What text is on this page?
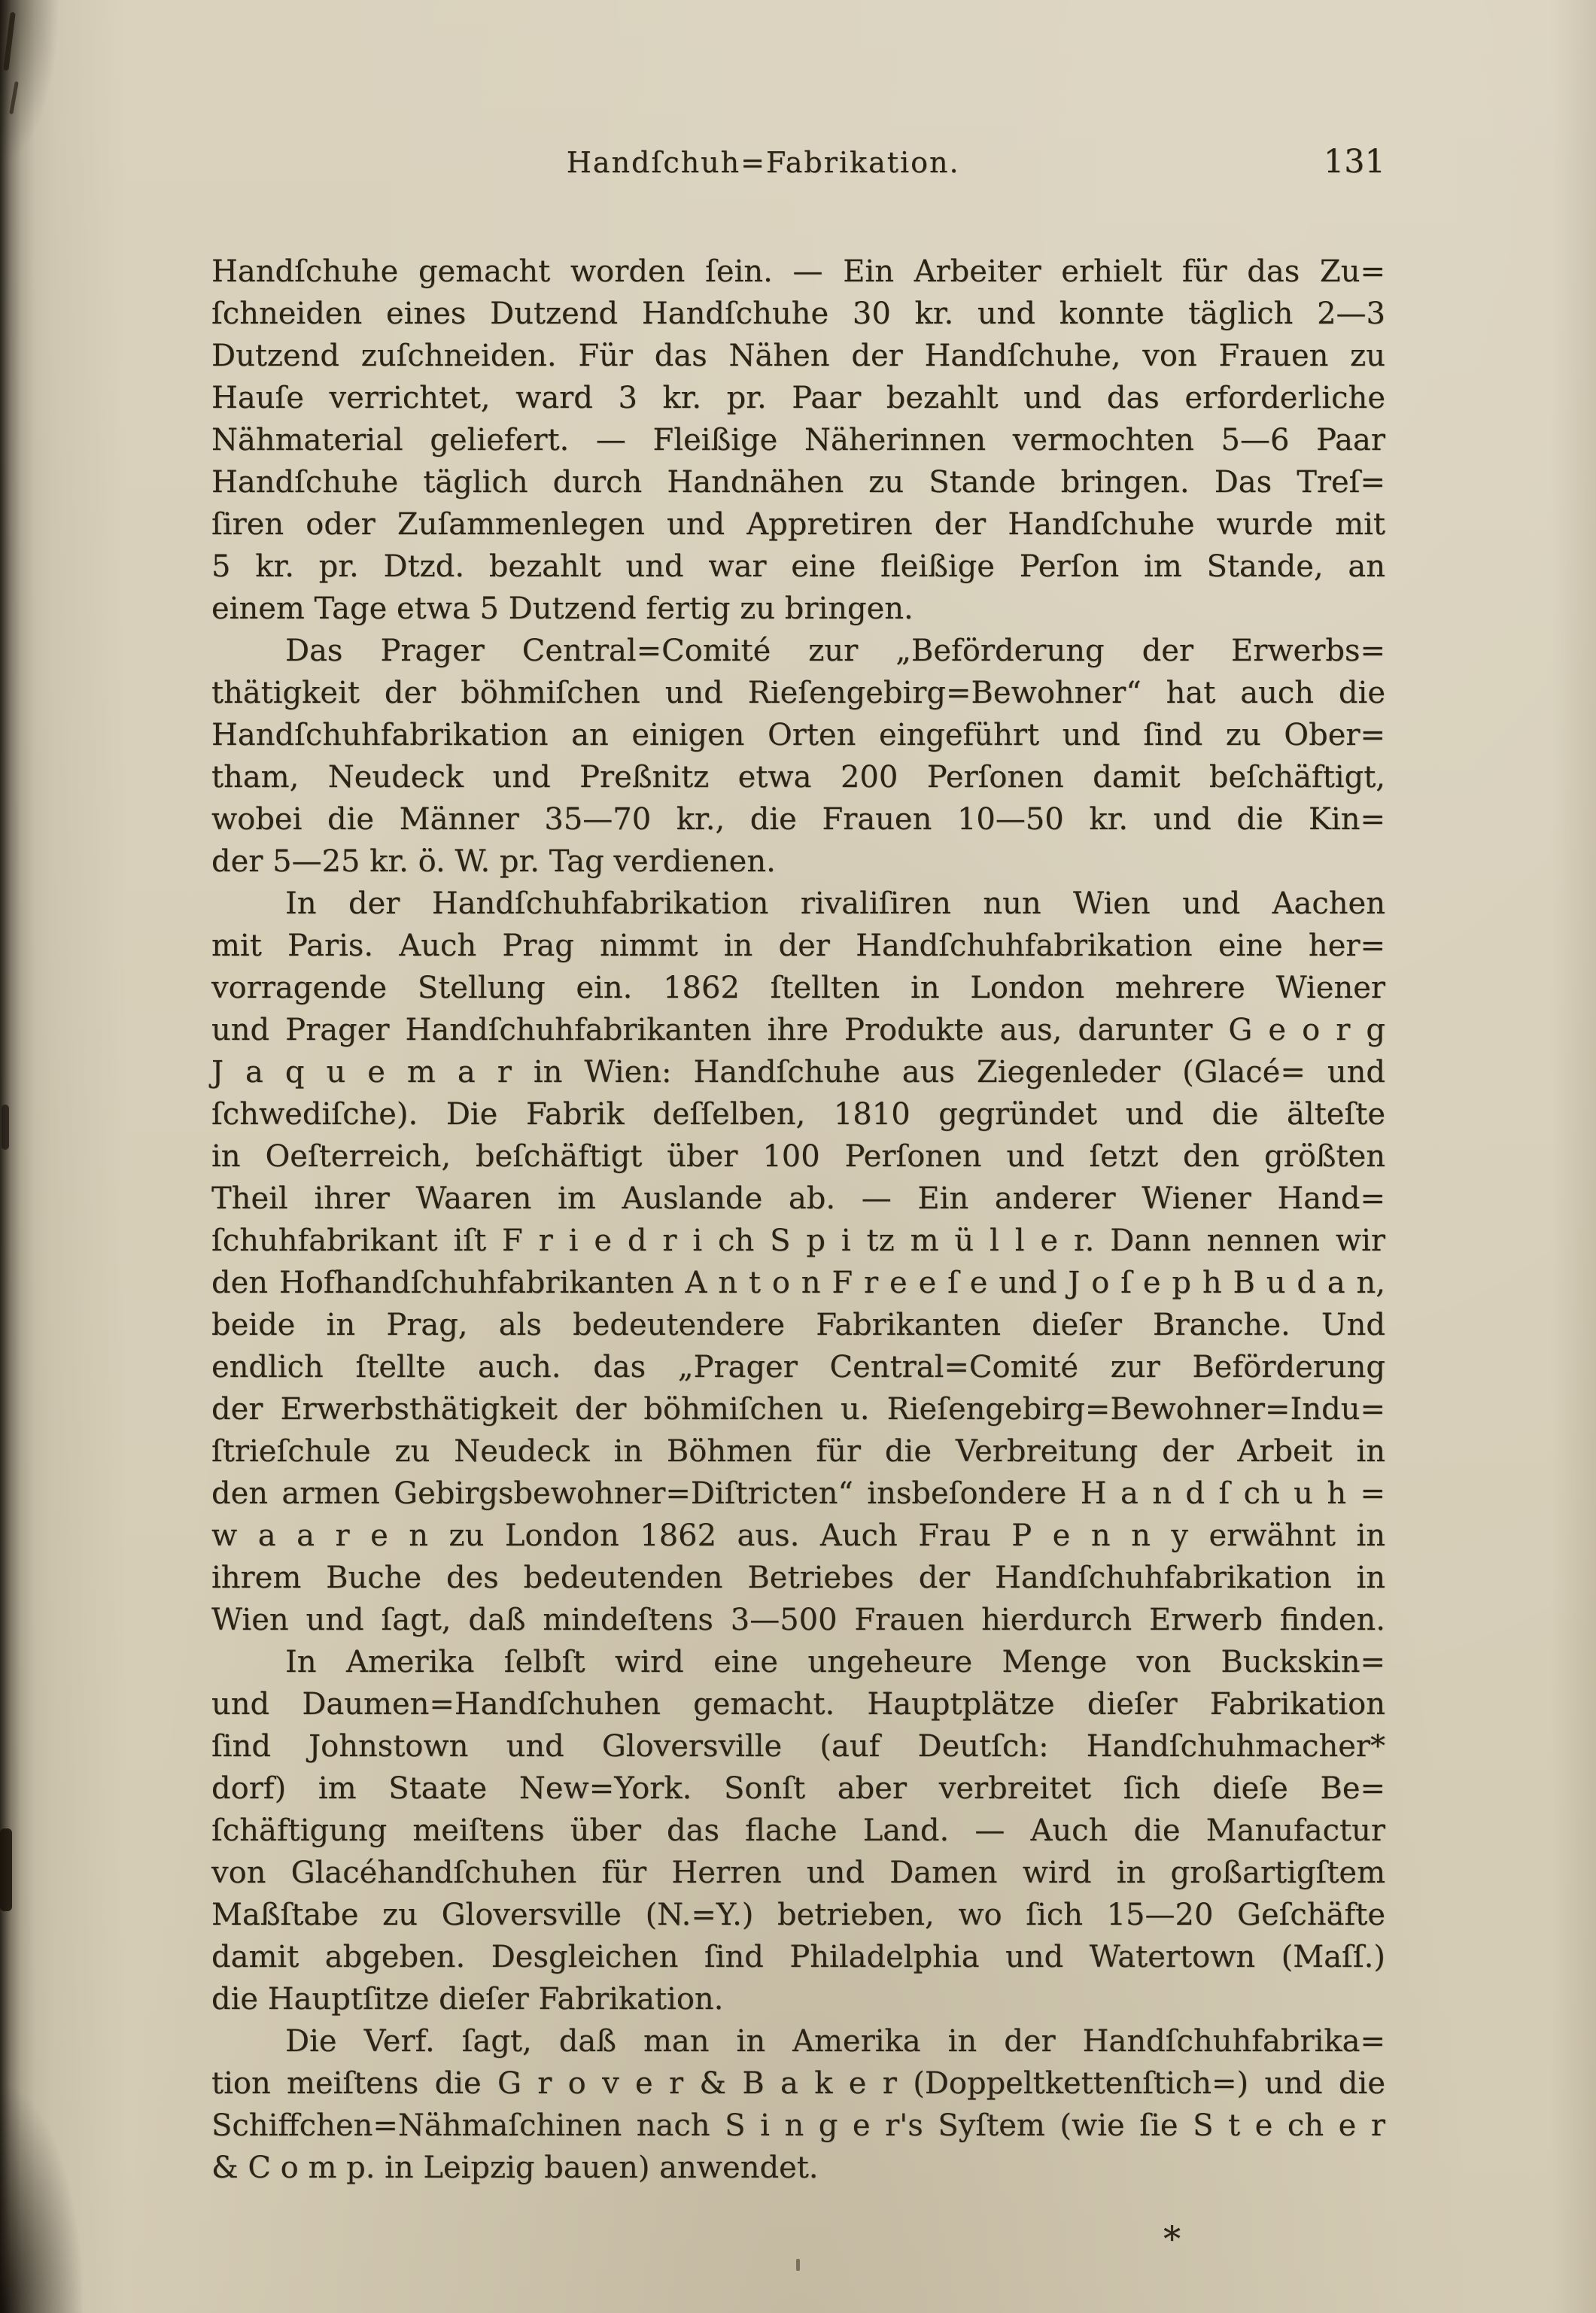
Handſchuh=Fabrikation.	131

Handſchuhe gemacht worden ſein. — Ein Arbeiter erhielt für das Zu=
ſchneiden eines Dutzend Handſchuhe 30 kr. und konnte täglich 2—3
Dutzend zuſchneiden. Für das Nähen der Handſchuhe, von Frauen zu
Hauſe verrichtet, ward 3 kr. pr. Paar bezahlt und das erforderliche
Nähmaterial geliefert. — Fleißige Näherinnen vermochten 5—6 Paar
Handſchuhe täglich durch Handnähen zu Stande bringen. Das Treſ=
ſiren oder Zuſammenlegen und Appretiren der Handſchuhe wurde mit
5 kr. pr. Dtzd. bezahlt und war eine fleißige Perſon im Stande, an
einem Tage etwa 5 Dutzend fertig zu bringen.

Das Prager Central=Comité zur „Beförderung der Erwerbs=
thätigkeit der böhmiſchen und Rieſengebirg=Bewohner“ hat auch die
Handſchuhfabrikation an einigen Orten eingeführt und ſind zu Ober=
tham, Neudeck und Preßnitz etwa 200 Perſonen damit beſchäftigt,
wobei die Männer 35—70 kr., die Frauen 10—50 kr. und die Kin=
der 5—25 kr. ö. W. pr. Tag verdienen.

In der Handſchuhfabrikation rivaliſiren nun Wien und Aachen
mit Paris. Auch Prag nimmt in der Handſchuhfabrikation eine her=
vorragende Stellung ein. 1862 ſtellten in London mehrere Wiener
und Prager Handſchuhfabrikanten ihre Produkte aus, darunter G e o r g
J a q u e m a r in Wien: Handſchuhe aus Ziegenleder (Glacé= und
ſchwediſche). Die Fabrik deſſelben, 1810 gegründet und die älteſte
in Oeſterreich, beſchäftigt über 100 Perſonen und ſetzt den größten
Theil ihrer Waaren im Auslande ab. — Ein anderer Wiener Hand=
ſchuhfabrikant iſt F r i e d r i ch S p i tz m ü l l e r. Dann nennen wir
den Hofhandſchuhfabrikanten A n t o n F r e e ſ e und J o ſ e p h B u d a n,
beide in Prag, als bedeutendere Fabrikanten dieſer Branche. Und
endlich ſtellte auch. das „Prager Central=Comité zur Beförderung
der Erwerbsthätigkeit der böhmiſchen u. Rieſengebirg=Bewohner=Indu=
ſtrieſchule zu Neudeck in Böhmen für die Verbreitung der Arbeit in
den armen Gebirgsbewohner=Diſtricten“ insbeſondere H a n d ſ ch u h =
w a a r e n zu London 1862 aus. Auch Frau P e n n y erwähnt in
ihrem Buche des bedeutenden Betriebes der Handſchuhfabrikation in
Wien und ſagt, daß mindeſtens 3—500 Frauen hierdurch Erwerb finden.

In Amerika ſelbſt wird eine ungeheure Menge von Buckskin=
und Daumen=Handſchuhen gemacht. Hauptplätze dieſer Fabrikation
ſind Johnstown und Gloversville (auf Deutſch: Handſchuhmacher*
dorf) im Staate New=York. Sonſt aber verbreitet ſich dieſe Be=
ſchäftigung meiſtens über das flache Land. — Auch die Manufactur
von Glacéhandſchuhen für Herren und Damen wird in großartigſtem
Maßſtabe zu Gloversville (N.=Y.) betrieben, wo ſich 15—20 Geſchäfte
damit abgeben. Desgleichen ſind Philadelphia und Watertown (Maſſ.)
die Hauptſitze dieſer Fabrikation.

Die Verf. ſagt, daß man in Amerika in der Handſchuhfabrika=
tion meiſtens die G r o v e r & B a k e r (Doppeltkettenſtich=) und die
Schiffchen=Nähmaſchinen nach S i n g e r's Syſtem (wie ſie S t e ch e r
& C o m p. in Leipzig bauen) anwendet.

*
